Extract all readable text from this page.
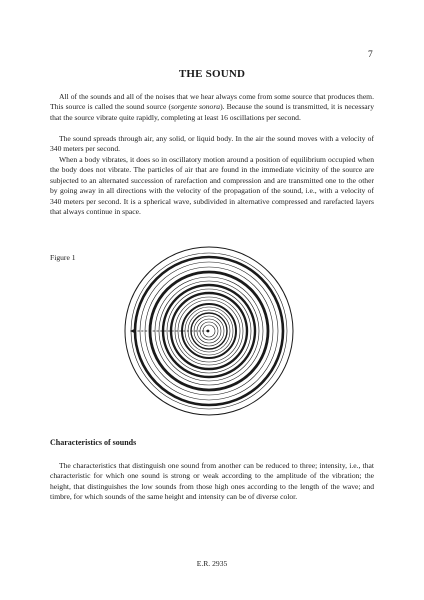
7
THE SOUND

All of the sounds and all of the noises that we hear always come from some source that produces them. This source is called the sound source (sorgente sonora). Because the sound is transmitted, it is necessary that the source vibrate quite rapidly, completing at least 16 oscillations per second.

The sound spreads through air, any solid, or liquid body. In the air the sound moves with a velocity of 340 meters per second.

When a body vibrates, it does so in oscillatory motion around a position of equilibrium occupied when the body does not vibrate. The particles of air that are found in the immediate vicinity of the source are subjected to an alternated succession of rarefaction and compression and are transmitted one to the other by going away in all directions with the velocity of the propagation of the sound, i.e., with a velocity of 340 meters per second. It is a spherical wave, subdivided in alternative compressed and rarefacted layers that always continue in space.

Figure 1
Characteristics of sounds

The characteristics that distinguish one sound from another can be reduced to three; intensity, i.e., that characteristic for which one sound is strong or weak according to the amplitude of the vibration; the height, that distinguishes the low sounds from those high ones according to the length of the wave; and timbre, for which sounds of the same height and intensity can be of diverse color.

E.R. 2935
